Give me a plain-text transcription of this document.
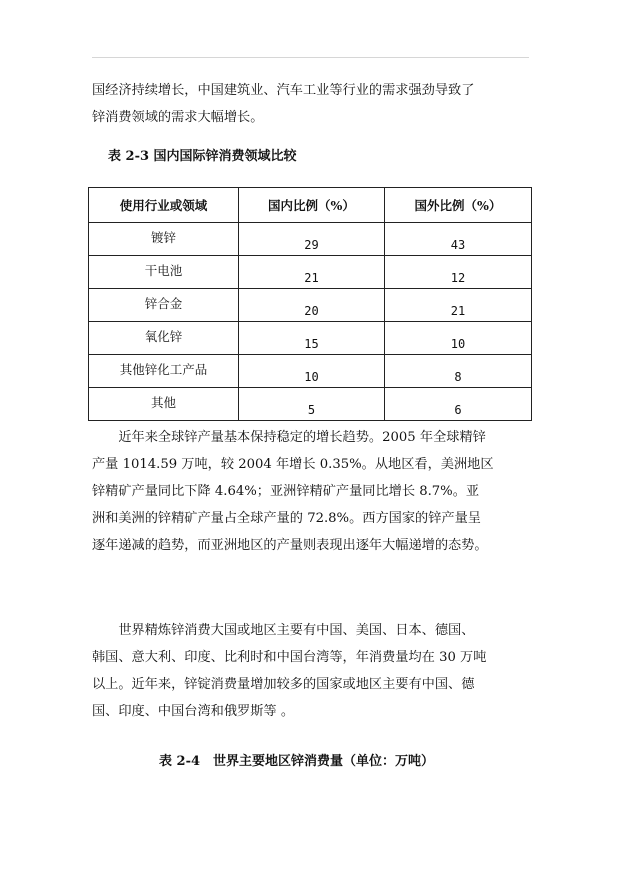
国经济持续增长，中国建筑业、汽车工业等行业的需求强劲导致了
锌消费领域的需求大幅增长。

表 2-3 国内国际锌消费领域比较

使用行业或领域	国内比例（%）	国外比例（%）
镀锌	29	43
干电池	21	12
锌合金	20	21
氧化锌	15	10
其他锌化工产品	10	8
其他	5	6

　　近年来全球锌产量基本保持稳定的增长趋势。2005 年全球精锌
产量 1014.59 万吨，较 2004 年增长 0.35%。从地区看，美洲地区
锌精矿产量同比下降 4.64%；亚洲锌精矿产量同比增长 8.7%。亚
洲和美洲的锌精矿产量占全球产量的 72.8%。西方国家的锌产量呈
逐年递减的趋势，而亚洲地区的产量则表现出逐年大幅递增的态势。

　　世界精炼锌消费大国或地区主要有中国、美国、日本、德国、
韩国、意大利、印度、比利时和中国台湾等，年消费量均在 30 万吨
以上。近年来，锌锭消费量增加较多的国家或地区主要有中国、德
国、印度、中国台湾和俄罗斯等 。

表 2-4　世界主要地区锌消费量（单位：万吨）
